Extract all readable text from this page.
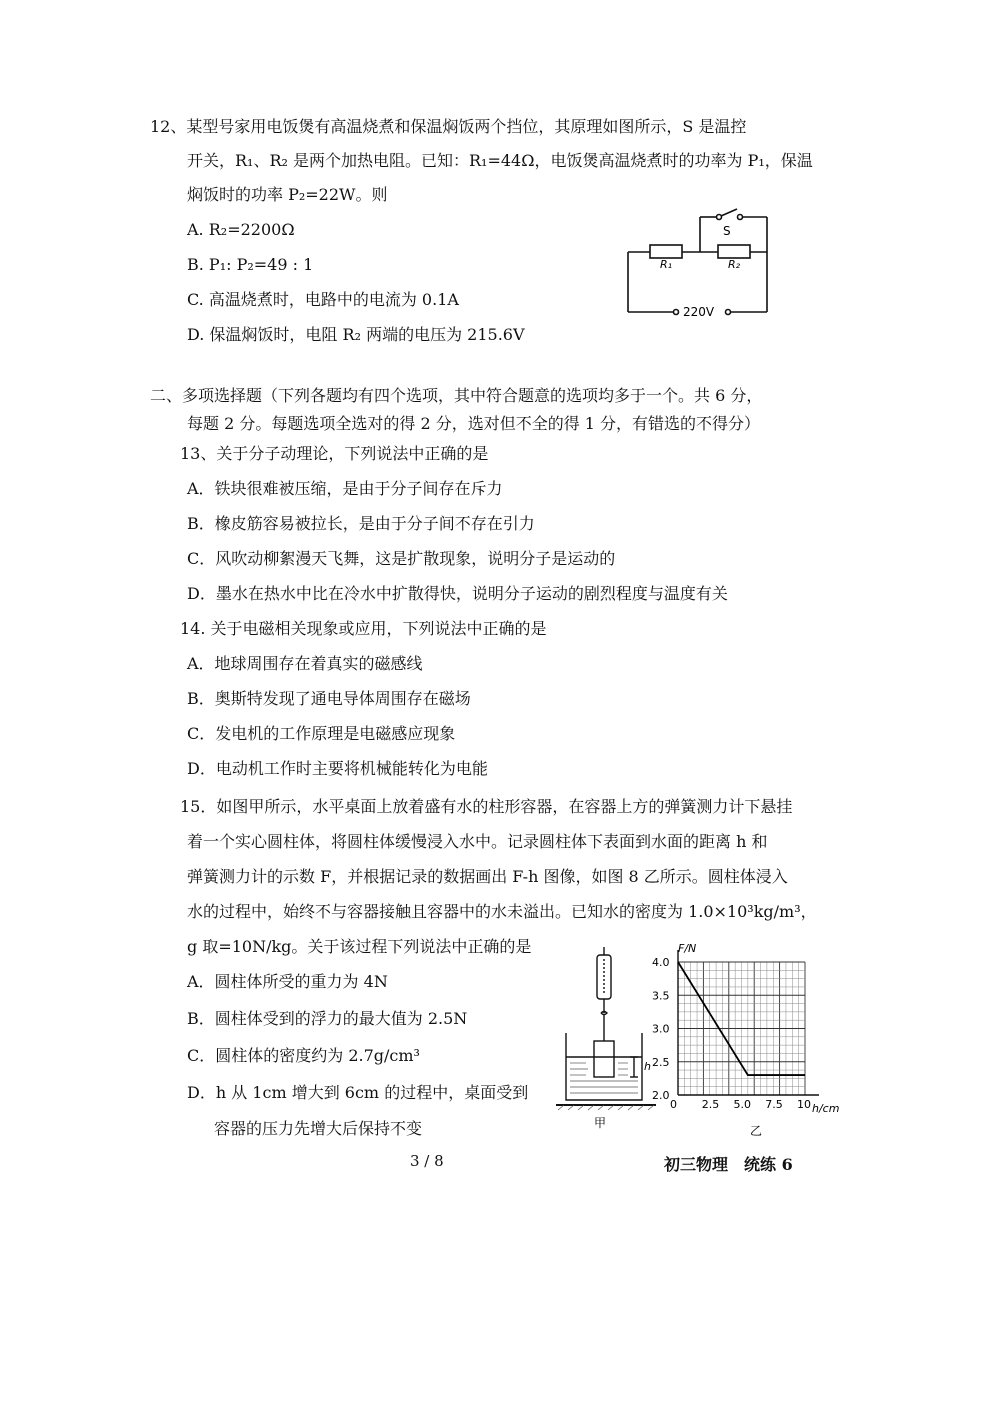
12、某型号家用电饭煲有高温烧煮和保温焖饭两个挡位，其原理如图所示，S 是温控
开关，R₁、R₂ 是两个加热电阻。已知：R₁=44Ω，电饭煲高温烧煮时的功率为 P₁，保温
焖饭时的功率 P₂=22W。则
A. R₂=2200Ω
B. P₁: P₂=49 : 1
C. 高温烧煮时，电路中的电流为 0.1A
D. 保温焖饭时，电阻 R₂ 两端的电压为 215.6V
S
R₁	R₂
220V
二、多项选择题（下列各题均有四个选项，其中符合题意的选项均多于一个。共 6 分，
每题 2 分。每题选项全选对的得 2 分，选对但不全的得 1 分，有错选的不得分）
13、关于分子动理论，下列说法中正确的是
A．铁块很难被压缩，是由于分子间存在斥力
B．橡皮筋容易被拉长，是由于分子间不存在引力
C．风吹动柳絮漫天飞舞，这是扩散现象，说明分子是运动的
D．墨水在热水中比在冷水中扩散得快，说明分子运动的剧烈程度与温度有关
14. 关于电磁相关现象或应用，下列说法中正确的是
A．地球周围存在着真实的磁感线
B．奥斯特发现了通电导体周围存在磁场
C．发电机的工作原理是电磁感应现象
D．电动机工作时主要将机械能转化为电能
15．如图甲所示，水平桌面上放着盛有水的柱形容器，在容器上方的弹簧测力计下悬挂
着一个实心圆柱体，将圆柱体缓慢浸入水中。记录圆柱体下表面到水面的距离 h 和
弹簧测力计的示数 F，并根据记录的数据画出 F-h 图像，如图 8 乙所示。圆柱体浸入
水的过程中，始终不与容器接触且容器中的水未溢出。已知水的密度为 1.0×10³kg/m³，
g 取=10N/kg。关于该过程下列说法中正确的是
A．圆柱体所受的重力为 4N
B．圆柱体受到的浮力的最大值为 2.5N
C．圆柱体的密度约为 2.7g/cm³
D．h 从 1cm 增大到 6cm 的过程中，桌面受到
容器的压力先增大后保持不变
h
甲
0 2.5 5.0 7.5 10
2.0
2.5
3.0
3.5
4.0
F/N
h/cm
乙
3 / 8	初三物理　统练 6
